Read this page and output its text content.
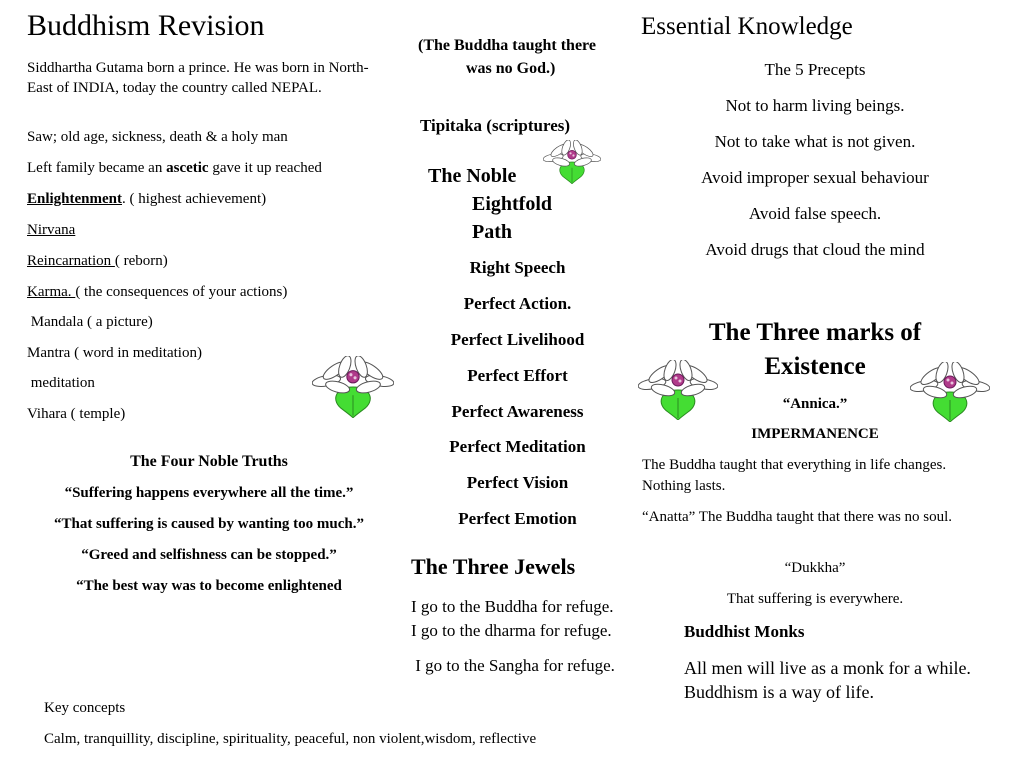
Buddhism Revision

Siddhartha Gutama born a prince. He was born in North-East of INDIA, today the country called NEPAL.

Saw; old age, sickness, death & a holy man
Left family became an ascetic gave it up reached
Enlightenment. ( highest achievement)
Nirvana
Reincarnation ( reborn)
Karma. ( the consequences of your actions)
Mandala ( a picture)
Mantra ( word in meditation)
meditation
Vihara ( temple)

The Four Noble Truths

“Suffering happens everywhere all the time.”

“That suffering is caused by wanting too much.”

“Greed and selfishness can be stopped.”

“The best way was to become enlightened

Key concepts

Calm, tranquillity, discipline, spirituality, peaceful, non violent,wisdom, reflective

(The Buddha taught there was no God.)
Tipitaka (scriptures)
The Noble Eightfold Path
Right Speech
Perfect Action.
Perfect Livelihood
Perfect Effort
Perfect Awareness
Perfect Meditation
Perfect Vision
Perfect Emotion
The Three Jewels
I go to the Buddha for refuge.
I go to the dharma for refuge.
I go to the Sangha for refuge.
Essential Knowledge
The 5 Precepts
Not to harm living beings.
Not to take what is not given.
Avoid improper sexual behaviour
Avoid false speech.
Avoid drugs that cloud the mind
The Three marks of Existence
“Annica.”
IMPERMANENCE
The Buddha taught that everything in life changes. Nothing lasts.
“Anatta” The Buddha taught that there was no soul.
“Dukkha”
That suffering is everywhere.
Buddhist Monks
All men will live as a monk for a while. Buddhism is a way of life.
